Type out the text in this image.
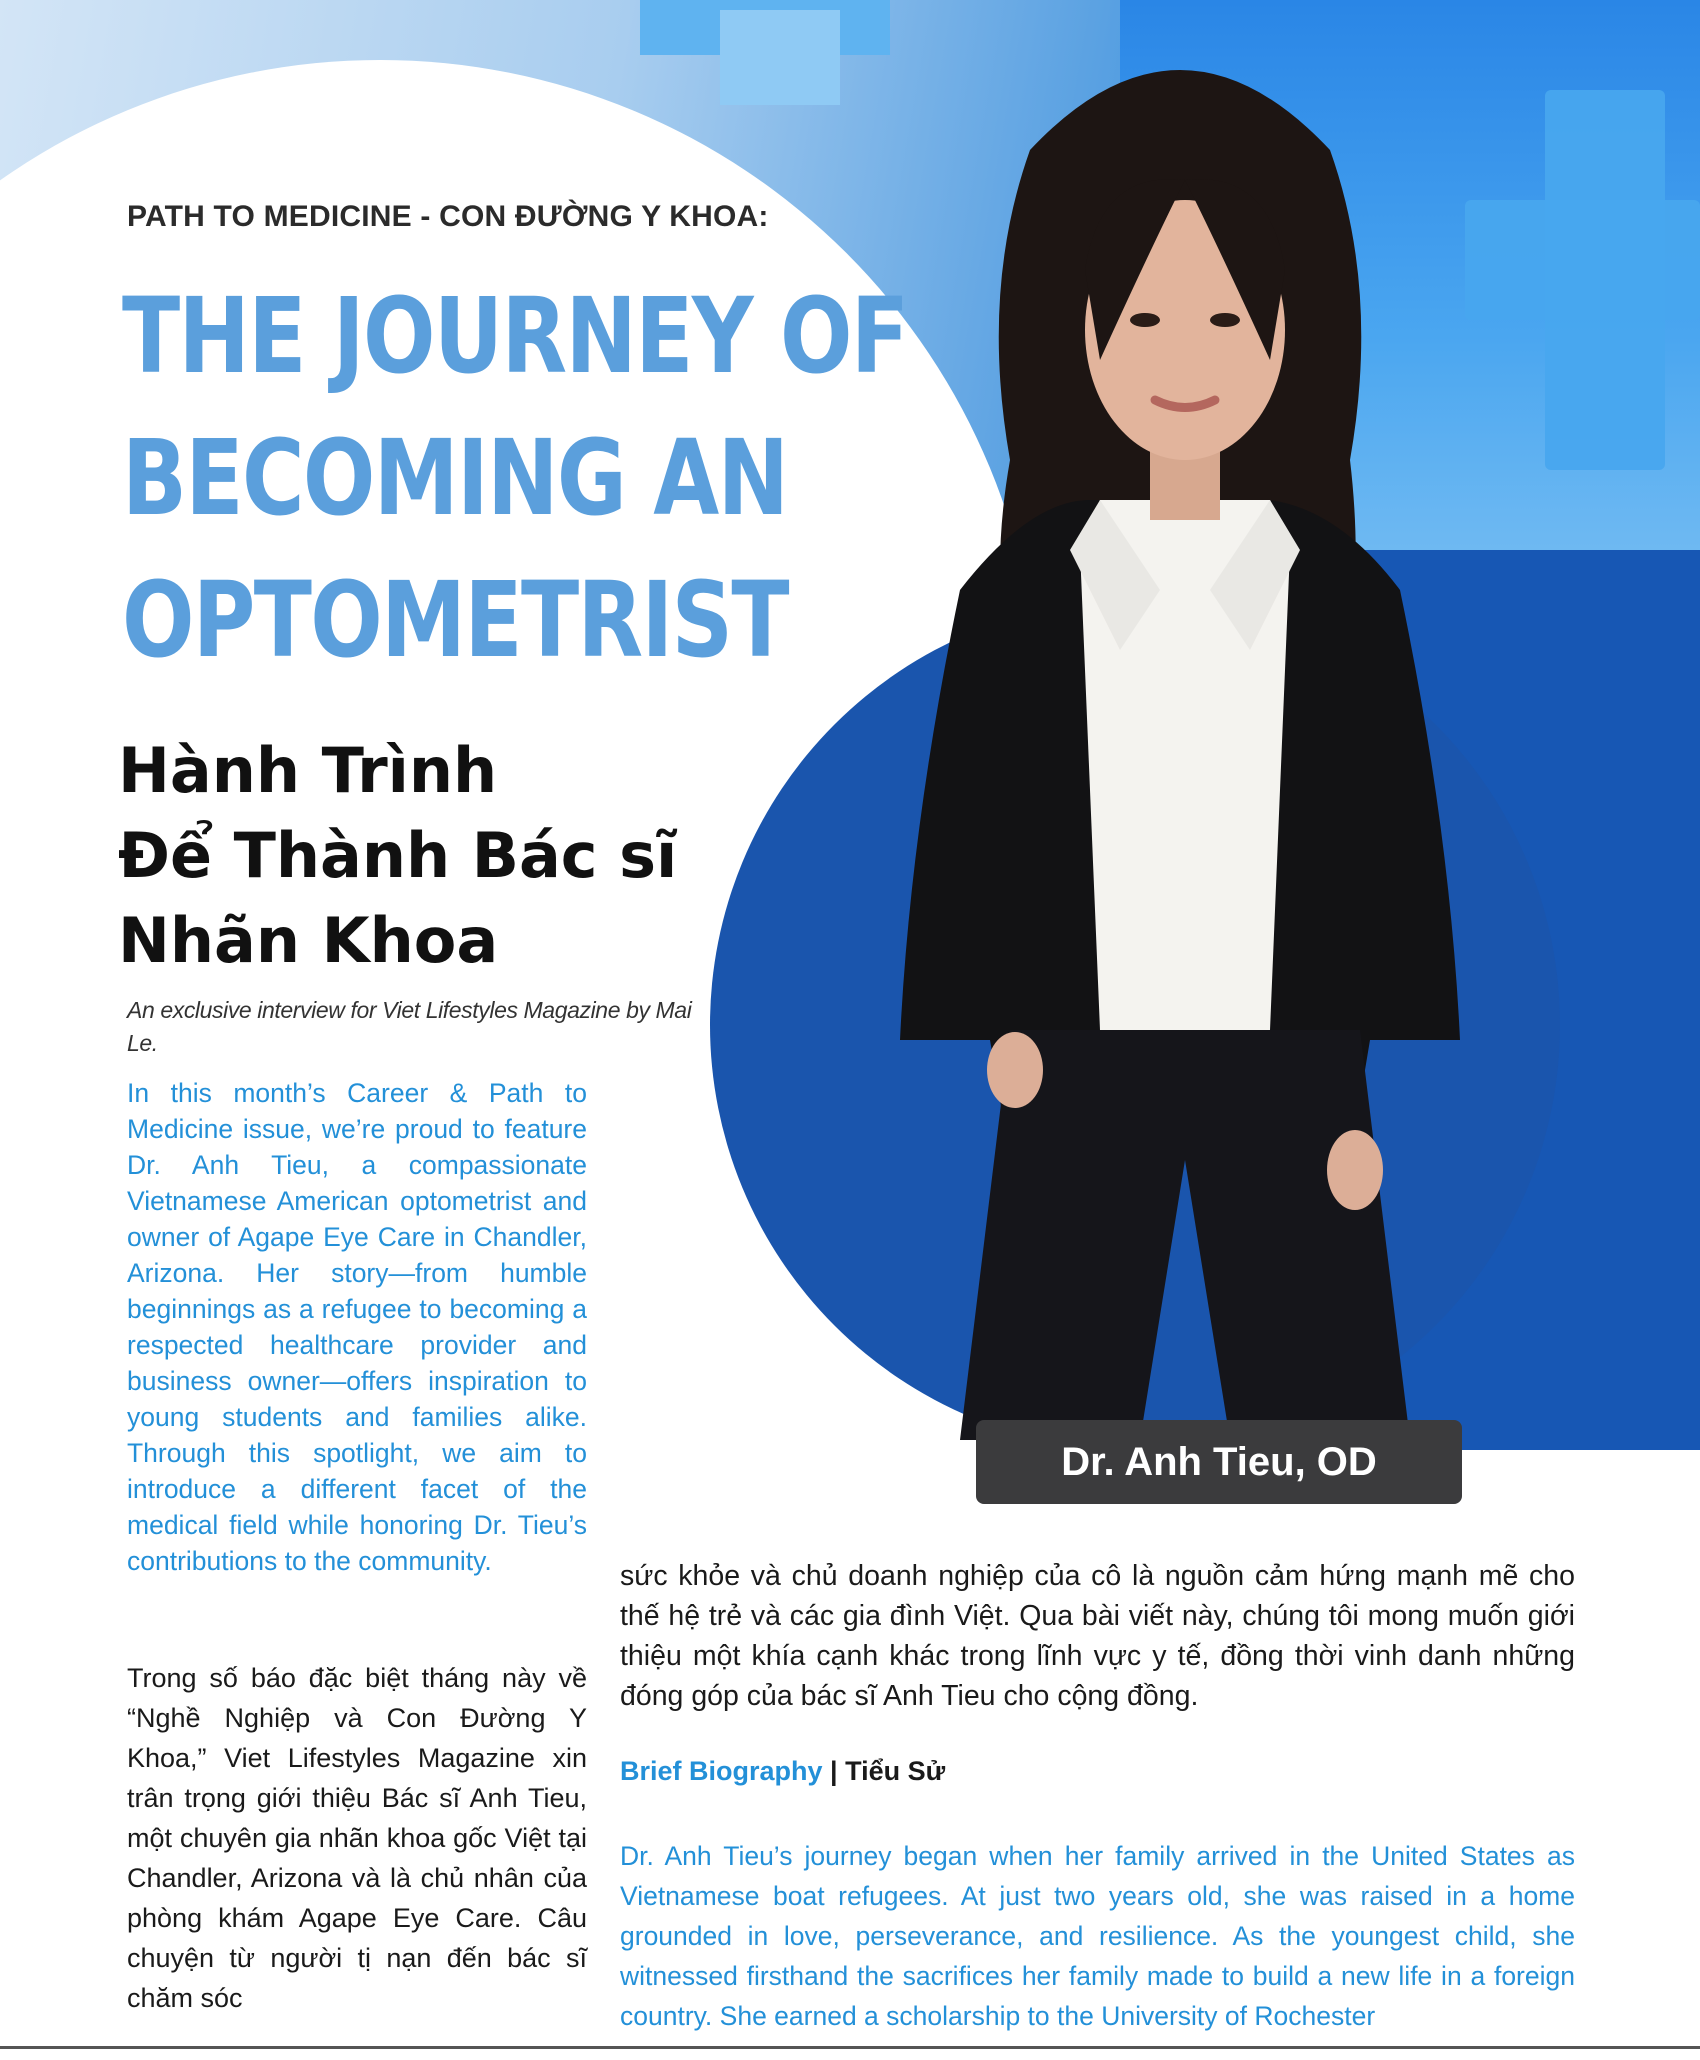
PATH TO MEDICINE - CON ĐƯỜNG Y KHOA:

THE JOURNEY OF
BECOMING AN
OPTOMETRIST
Hành Trình
Để Thành Bác sĩ
Nhãn Khoa
An exclusive interview for Viet Lifestyles Magazine by Mai Le.

In this month’s Career & Path to Medicine issue, we’re proud to feature Dr. Anh Tieu, a compassionate Vietnamese American optometrist and owner of Agape Eye Care in Chandler, Arizona. Her story—from humble beginnings as a refugee to becoming a respected healthcare provider and business owner—offers inspiration to young students and families alike. Through this spotlight, we aim to introduce a different facet of the medical field while honoring Dr. Tieu’s contributions to the community.

Trong số báo đặc biệt tháng này về “Nghề Nghiệp và Con Đường Y Khoa,” Viet Lifestyles Magazine xin trân trọng giới thiệu Bác sĩ Anh Tieu, một chuyên gia nhãn khoa gốc Việt tại Chandler, Arizona và là chủ nhân của phòng khám Agape Eye Care. Câu chuyện từ người tị nạn đến bác sĩ chăm sóc

Dr. Anh Tieu, OD

sức khỏe và chủ doanh nghiệp của cô là nguồn cảm hứng mạnh mẽ cho thế hệ trẻ và các gia đình Việt. Qua bài viết này, chúng tôi mong muốn giới thiệu một khía cạnh khác trong lĩnh vực y tế, đồng thời vinh danh những đóng góp của bác sĩ Anh Tieu cho cộng đồng.

Brief Biography | Tiểu Sử

Dr. Anh Tieu’s journey began when her family arrived in the United States as Vietnamese boat refugees. At just two years old, she was raised in a home grounded in love, perseverance, and resilience. As the youngest child, she witnessed firsthand the sacrifices her family made to build a new life in a foreign country. She earned a scholarship to the University of Rochester
